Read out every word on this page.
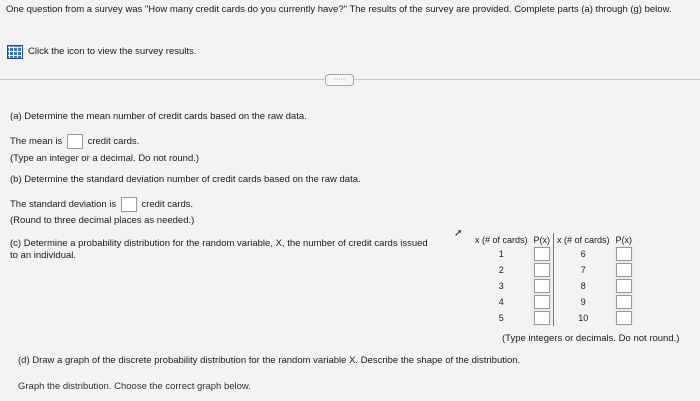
One question from a survey was "How many credit cards do you currently have?" The results of the survey are provided. Complete parts (a) through (g) below.
Click the icon to view the survey results.
·····
(a) Determine the mean number of credit cards based on the raw data.
The mean is	credit cards.
(Type an integer or a decimal. Do not round.)
(b) Determine the standard deviation number of credit cards based on the raw data.
The standard deviation is	credit cards.
(Round to three decimal places as needed.)
(c) Determine a probability distribution for the random variable, X, the number of credit cards issued
to an individual.
➚
x (# of cards)	P(x)	x (# of cards)	P(x)
1		6	
2		7	
3		8	
4		9	
5		10	
(Type integers or decimals. Do not round.)
(d) Draw a graph of the discrete probability distribution for the random variable X. Describe the shape of the distribution.
Graph the distribution. Choose the correct graph below.
